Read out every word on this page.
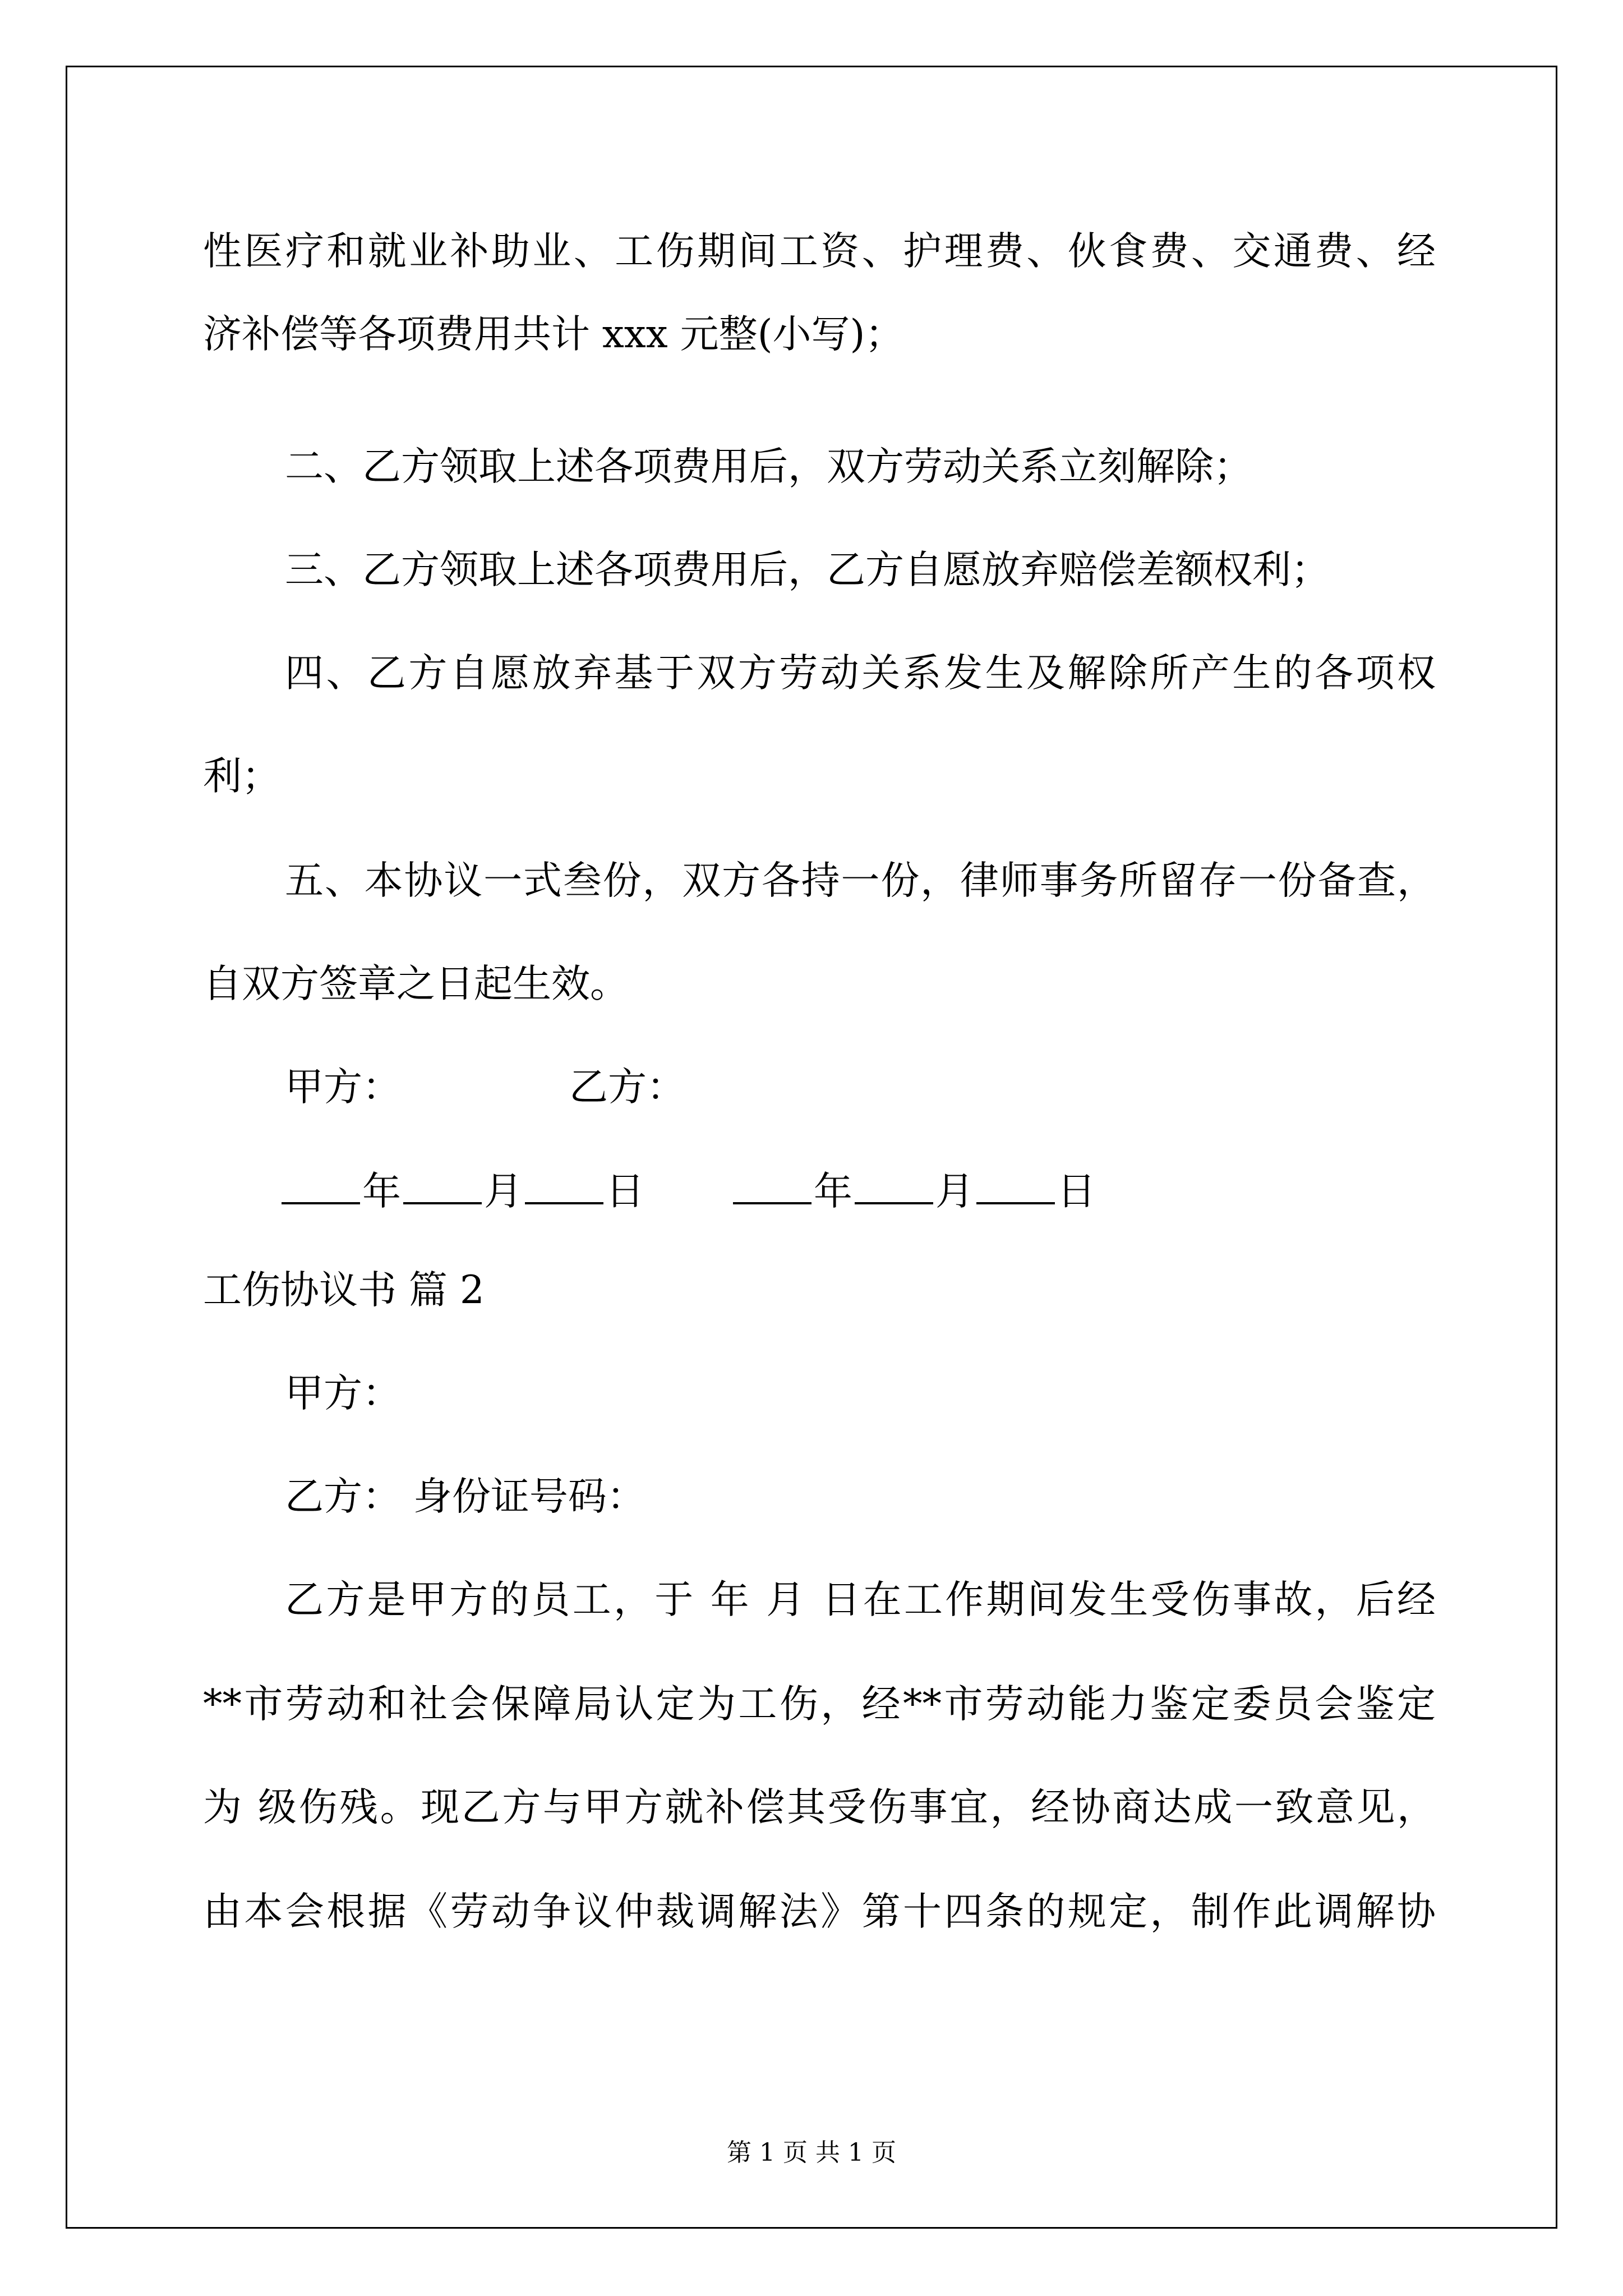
性医疗和就业补助业、工伤期间工资、护理费、伙食费、交通费、经
济补偿等各项费用共计 xxx 元整(小写)；
二、乙方领取上述各项费用后，双方劳动关系立刻解除；
三、乙方领取上述各项费用后，乙方自愿放弃赔偿差额权利；
四、乙方自愿放弃基于双方劳动关系发生及解除所产生的各项权
利；
五、本协议一式叁份，双方各持一份，律师事务所留存一份备查，
自双方签章之日起生效。
甲方：	乙方：
年 月 日	年 月 日
工伤协议书 篇 2
甲方：
乙方： 身份证号码：
乙方是甲方的员工，于 年 月 日在工作期间发生受伤事故，后经
**市劳动和社会保障局认定为工伤，经**市劳动能力鉴定委员会鉴定
为 级伤残。现乙方与甲方就补偿其受伤事宜，经协商达成一致意见，
由本会根据《劳动争议仲裁调解法》第十四条的规定，制作此调解协
第 1 页 共 1 页
